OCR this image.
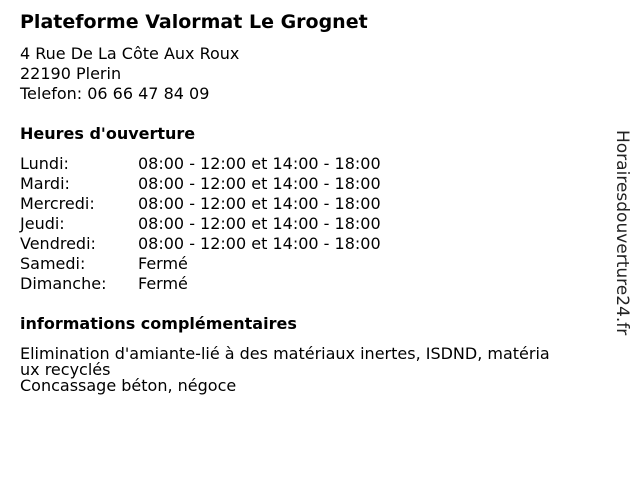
Plateforme Valormat Le Grognet
4 Rue De La Côte Aux Roux
22190 Plerin
Telefon: 06 66 47 84 09
Heures d'ouverture
Lundi:	08:00 - 12:00 et 14:00 - 18:00
Mardi:	08:00 - 12:00 et 14:00 - 18:00
Mercredi:	08:00 - 12:00 et 14:00 - 18:00
Jeudi:	08:00 - 12:00 et 14:00 - 18:00
Vendredi:	08:00 - 12:00 et 14:00 - 18:00
Samedi:	Fermé
Dimanche:	Fermé
informations complémentaires
Elimination d'amiante-lié à des matériaux inertes, ISDND, matéria
ux recyclés
Concassage béton, négoce
Horairesdouverture24.fr
